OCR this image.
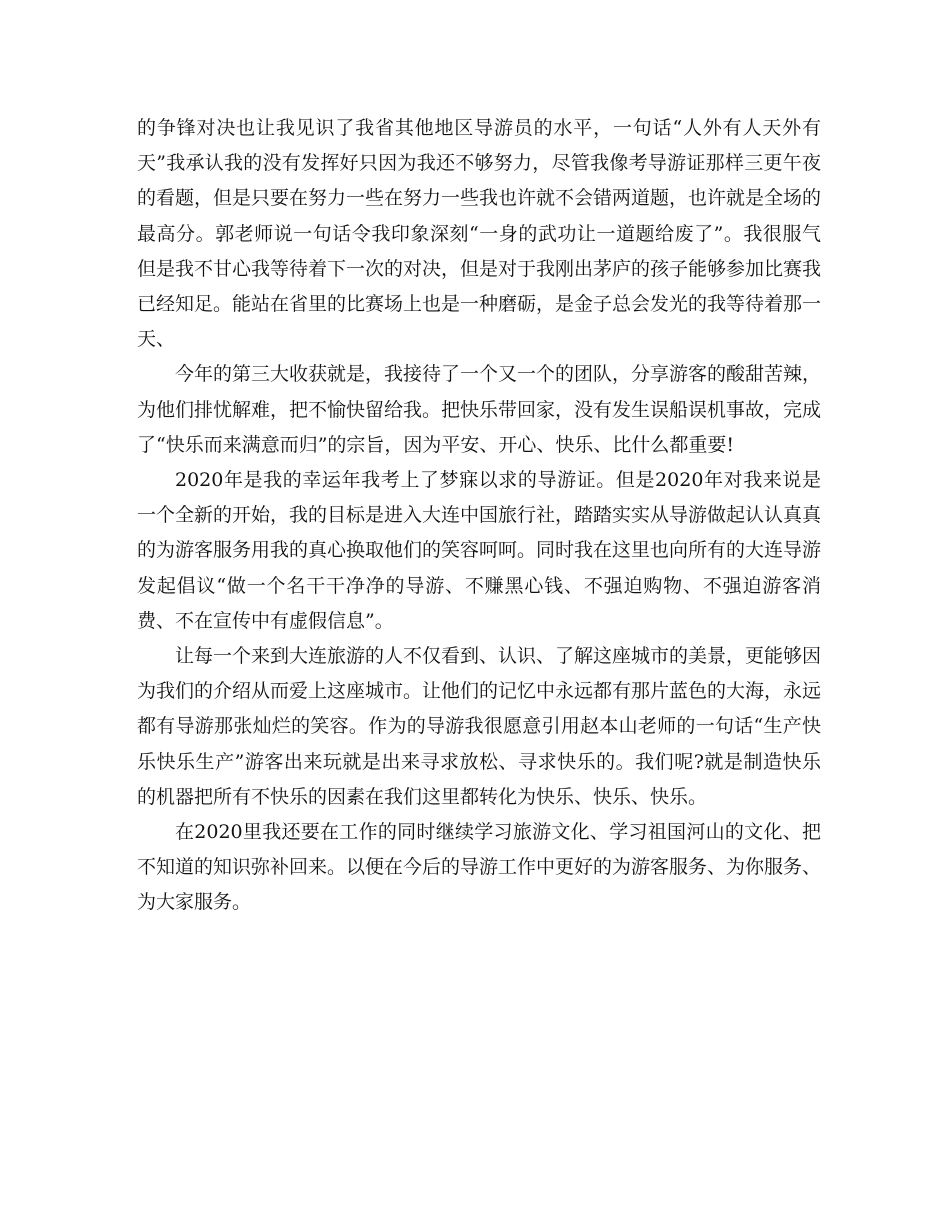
的争锋对决也让我见识了我省其他地区导游员的水平，一句话“人外有人天外有天”我承认我的没有发挥好只因为我还不够努力，尽管我像考导游证那样三更午夜的看题，但是只要在努力一些在努力一些我也许就不会错两道题，也许就是全场的最高分。郭老师说一句话令我印象深刻“一身的武功让一道题给废了”。我很服气但是我不甘心我等待着下一次的对决，但是对于我刚出茅庐的孩子能够参加比赛我已经知足。能站在省里的比赛场上也是一种磨砺，是金子总会发光的我等待着那一天、

今年的第三大收获就是，我接待了一个又一个的团队，分享游客的酸甜苦辣，为他们排忧解难，把不愉快留给我。把快乐带回家，没有发生误船误机事故，完成了“快乐而来满意而归”的宗旨，因为平安、开心、快乐、比什么都重要!

2020年是我的幸运年我考上了梦寐以求的导游证。但是2020年对我来说是一个全新的开始，我的目标是进入大连中国旅行社，踏踏实实从导游做起认认真真的为游客服务用我的真心换取他们的笑容呵呵。同时我在这里也向所有的大连导游发起倡议“做一个名干干净净的导游、不赚黑心钱、不强迫购物、不强迫游客消费、不在宣传中有虚假信息”。

让每一个来到大连旅游的人不仅看到、认识、了解这座城市的美景，更能够因为我们的介绍从而爱上这座城市。让他们的记忆中永远都有那片蓝色的大海，永远都有导游那张灿烂的笑容。作为的导游我很愿意引用赵本山老师的一句话“生产快乐快乐生产”游客出来玩就是出来寻求放松、寻求快乐的。我们呢?就是制造快乐的机器把所有不快乐的因素在我们这里都转化为快乐、快乐、快乐。

在2020里我还要在工作的同时继续学习旅游文化、学习祖国河山的文化、把不知道的知识弥补回来。以便在今后的导游工作中更好的为游客服务、为你服务、为大家服务。
